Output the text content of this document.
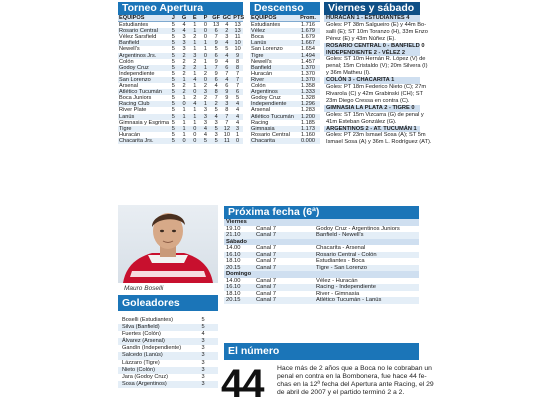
Torneo Apertura
EQUIPOS	J	G	E	P	GF	GC	PTS
Estudiantes	5	4	1	0	13	4	13
Rosario Central	5	4	1	0	6	2	13
Vélez Sarsfield	5	3	2	0	7	3	11
Banfield	5	3	1	1	9	4	10
Newell's	5	3	1	1	5	5	10
Argentinos Jrs.	5	2	3	0	6	4	9
Colón	5	2	2	1	9	4	8
Godoy Cruz	5	2	2	1	7	6	8
Independiente	5	2	1	2	9	7	7
San Lorenzo	5	1	4	0	6	4	7
Arsenal	5	2	1	2	4	6	7
Atlético Tucumán	5	2	0	3	8	9	6
Boca Juniors	5	1	2	2	7	9	5
Racing Club	5	0	4	1	2	3	4
River Plate	5	1	1	3	5	8	4
Lanús	5	1	1	3	4	7	4
Gimnasia y Esgrima	5	1	1	3	3	7	4
Tigre	5	1	0	4	5	12	3
Huracán	5	1	0	4	3	10	1
Chacarita Jrs.	5	0	0	5	5	11	0
Descenso
EQUIPOS	Prom.
Estudiantes	1.716
Vélez	1.679
Boca	1.679
Lanús	1.667
San Lorenzo	1.654
Tigre	1.494
Newell's	1.457
Banfield	1.370
Huracán	1.370
River	1.370
Colón	1.358
Argentinos	1.333
Godoy Cruz	1.328
Independiente	1.296
Arsenal	1.283
Atlético Tucumán	1.200
Racing	1.185
Gimnasia	1.173
Rosario Central	1.160
Chacarita	0.000
Viernes y sábado
HURACÁN 1 - ESTUDIANTES 4
Goles: PT 38m Salgueiro (E) y 44m Bo-
salli (E); ST 10m Toranzo (H), 33m Enzo
Pérez (E) y 43m Núñez (E).
ROSARIO CENTRAL 0 - BANFIELD 0
INDEPENDIENTE 2 - VÉLEZ 2
Goles: ST 10m Hernán R. López (V) de
penal; 15m Cristaldo (V); 20m Silvera (I)
y 36m Matheu (I).
COLÓN 3 - CHACARITA 1
Goles: PT 18m Federico Nieto (C); 27m
Rivarola (C) y 42m Grabinski (CH); ST
23m Diego Cressa en contra (C).
GIMNASIA LA PLATA 2 - TIGRE 0
Goles: ST 15m Vizcarra (G) de penal y
41m Esteban González (G).
ARGENTINOS 2 - AT. TUCUMÁN 1
Goles: PT 23m Ismael Sosa (A); ST 5m
Ismael Sosa (A) y 36m L. Rodríguez (AT).
Mauro Boselli
Próxima fecha (6ª)
Viernes
19.10	Canal 7	Godoy Cruz - Argentinos Juniors
21.10	Canal 7	Banfield - Newell's
Sábado
14.00	Canal 7	Chacarita - Arsenal
16.10	Canal 7	Rosario Central - Colón
18.10	Canal 7	Estudiantes - Boca
20.15	Canal 7	Tigre - San Lorenzo
Domingo
14.00	Canal 7	Vélez - Huracán
16.10	Canal 7	Racing - Independiente
18.10	Canal 7	River - Gimnasia
20.15	Canal 7	Atlético Tucumán - Lanús
Goleadores
Boselli (Estudiantes)	5
Silva (Banfield)	5
Fuertes (Colón)	4
Álvarez (Arsenal)	3
Gandín (Independiente)	3
Salcedo (Lanús)	3
Lázzaro (Tigre)	3
Nieto (Colón)	3
Jara (Godoy Cruz)	3
Sosa (Argentinos)	3
El número
44 Hace más de 2 años que a Boca no le cobraban un
penal en contra en la Bombonera, fue hace 44 fe-
chas en la 12ª fecha del Apertura ante Racing, el 29
de abril de 2007 y el partido terminó 2 a 2.
